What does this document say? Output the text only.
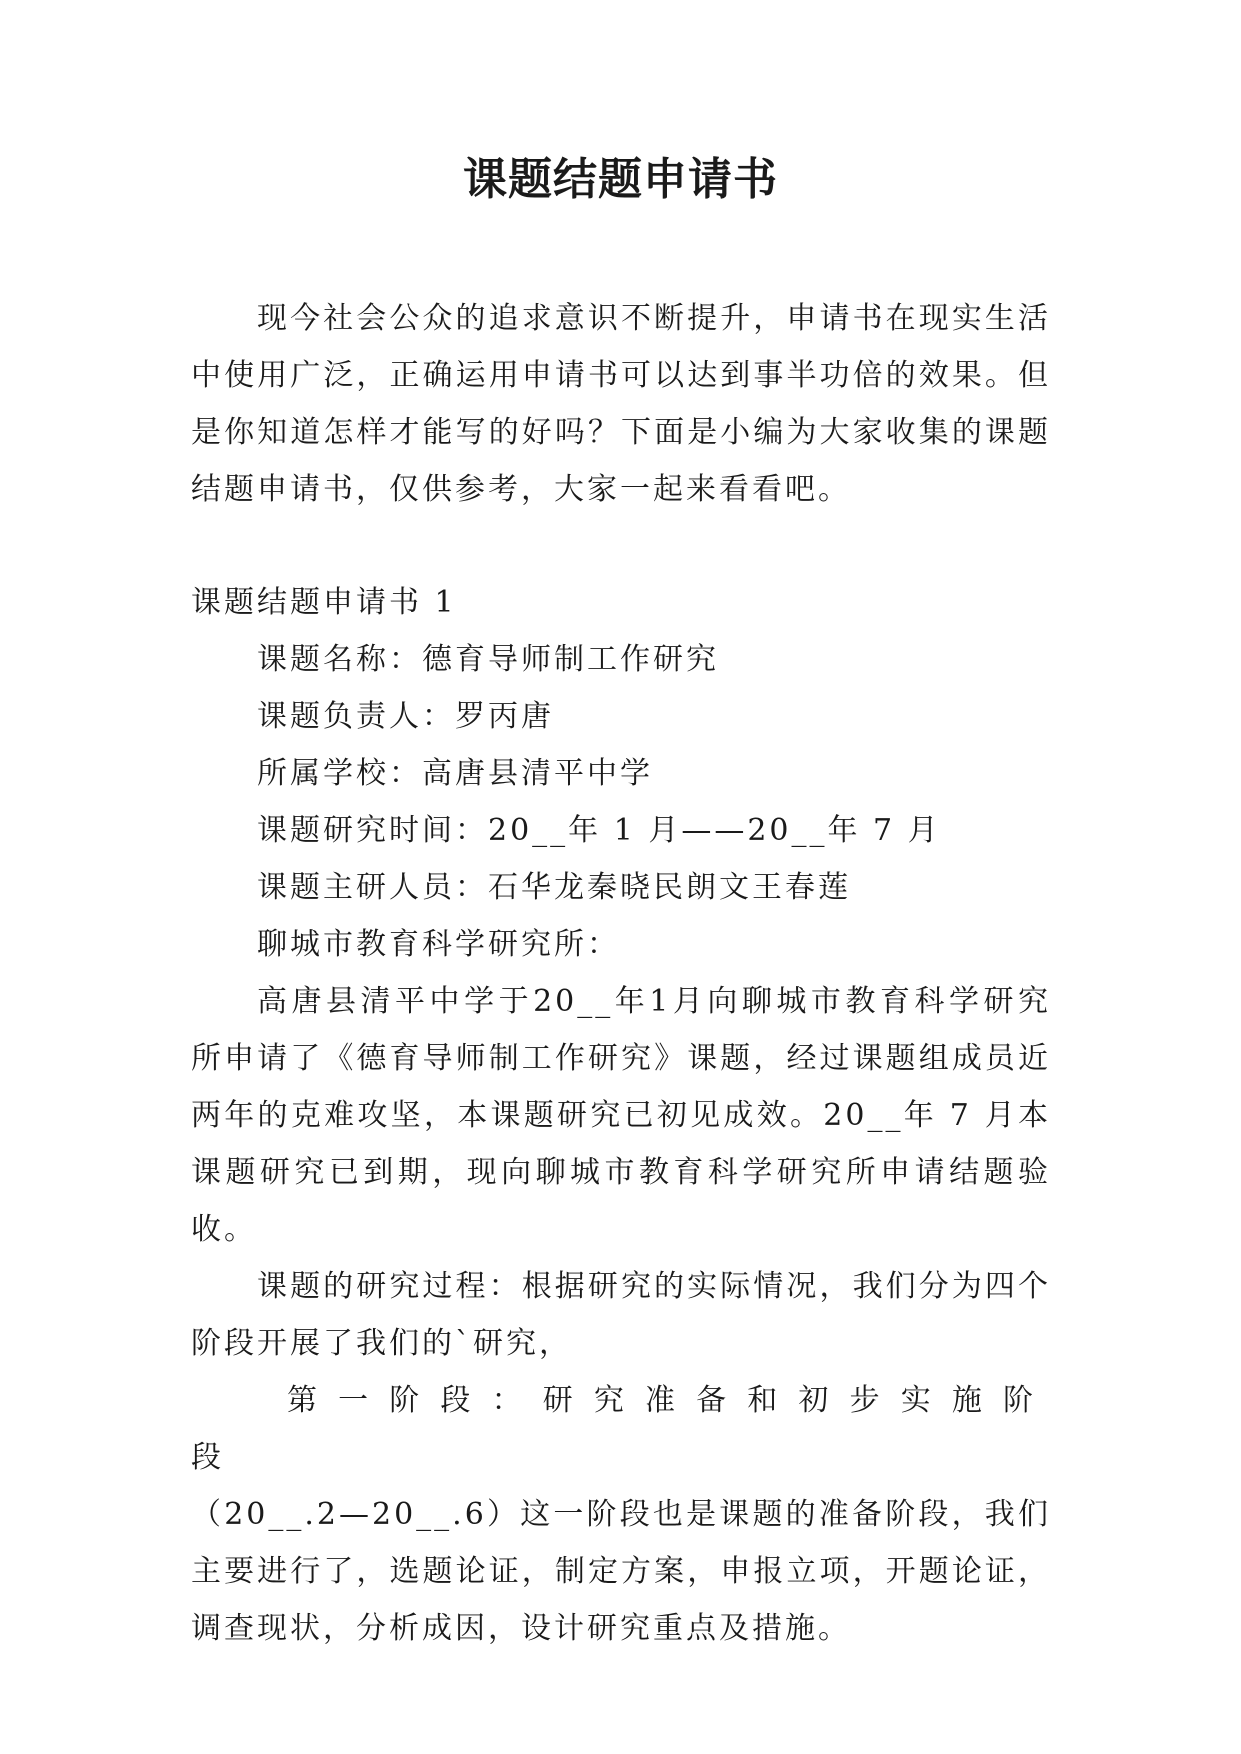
课题结题申请书

现今社会公众的追求意识不断提升，申请书在现实生活中使用广泛，正确运用申请书可以达到事半功倍的效果。但是你知道怎样才能写的好吗？下面是小编为大家收集的课题结题申请书，仅供参考，大家一起来看看吧。

课题结题申请书 1

课题名称：德育导师制工作研究

课题负责人：罗丙唐

所属学校：高唐县清平中学

课题研究时间：20__年 1 月——20__年 7 月

课题主研人员：石华龙秦晓民朗文王春莲

聊城市教育科学研究所：

高唐县清平中学于20__年1月向聊城市教育科学研究所申请了《德育导师制工作研究》课题，经过课题组成员近两年的克难攻坚，本课题研究已初见成效。20__年 7 月本课题研究已到期，现向聊城市教育科学研究所申请结题验收。

课题的研究过程：根据研究的实际情况，我们分为四个阶段开展了我们的`研究，

第一阶段：研究准备和初步实施阶段

（20__.2—20__.6）这一阶段也是课题的准备阶段，我们主要进行了，选题论证，制定方案，申报立项，开题论证，调查现状，分析成因，设计研究重点及措施。
